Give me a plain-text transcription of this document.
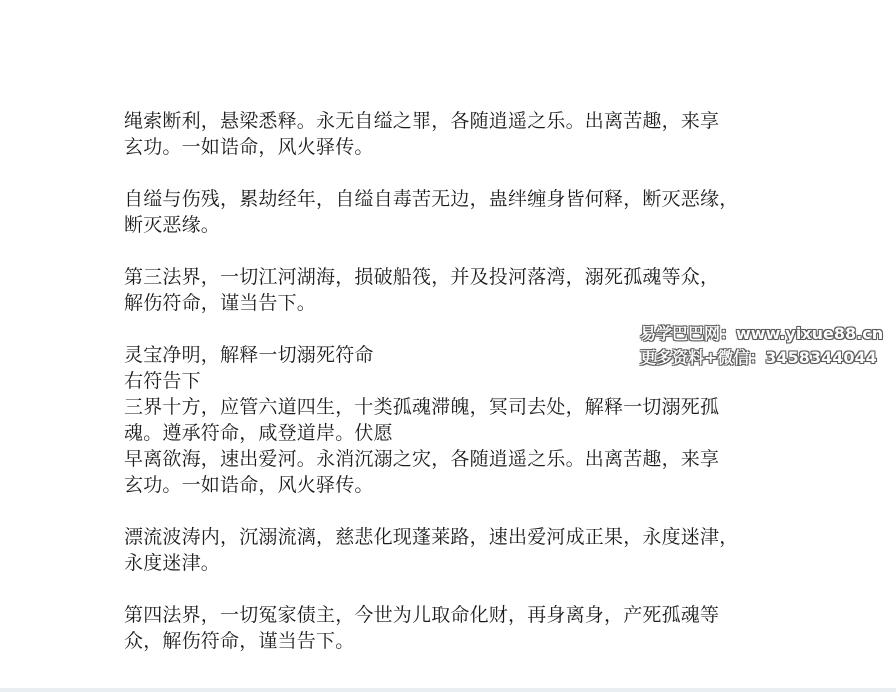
绳索断利，悬梁悉释。永无自缢之罪，各随逍遥之乐。出离苦趣，来享
玄功。一如诰命，风火驿传。
自缢与伤残，累劫经年，自缢自毒苦无边，蛊绊缠身皆何释，断灭恶缘，
断灭恶缘。
第三法界，一切江河湖海，损破船筏，并及投河落湾，溺死孤魂等众，
解伤符命，谨当告下。
灵宝净明，解释一切溺死符命
右符告下
三界十方，应管六道四生，十类孤魂滞魄，冥司去处，解释一切溺死孤
魂。遵承符命，咸登道岸。伏愿
早离欲海，速出爱河。永消沉溺之灾，各随逍遥之乐。出离苦趣，来享
玄功。一如诰命，风火驿传。
漂流波涛内，沉溺流漓，慈悲化现蓬莱路，速出爱河成正果，永度迷津，
永度迷津。
第四法界，一切冤家债主，今世为儿取命化财，再身离身，产死孤魂等
众，解伤符命，谨当告下。
易学巴巴网：www.yixue88.cn
更多资料+微信：3458344044
